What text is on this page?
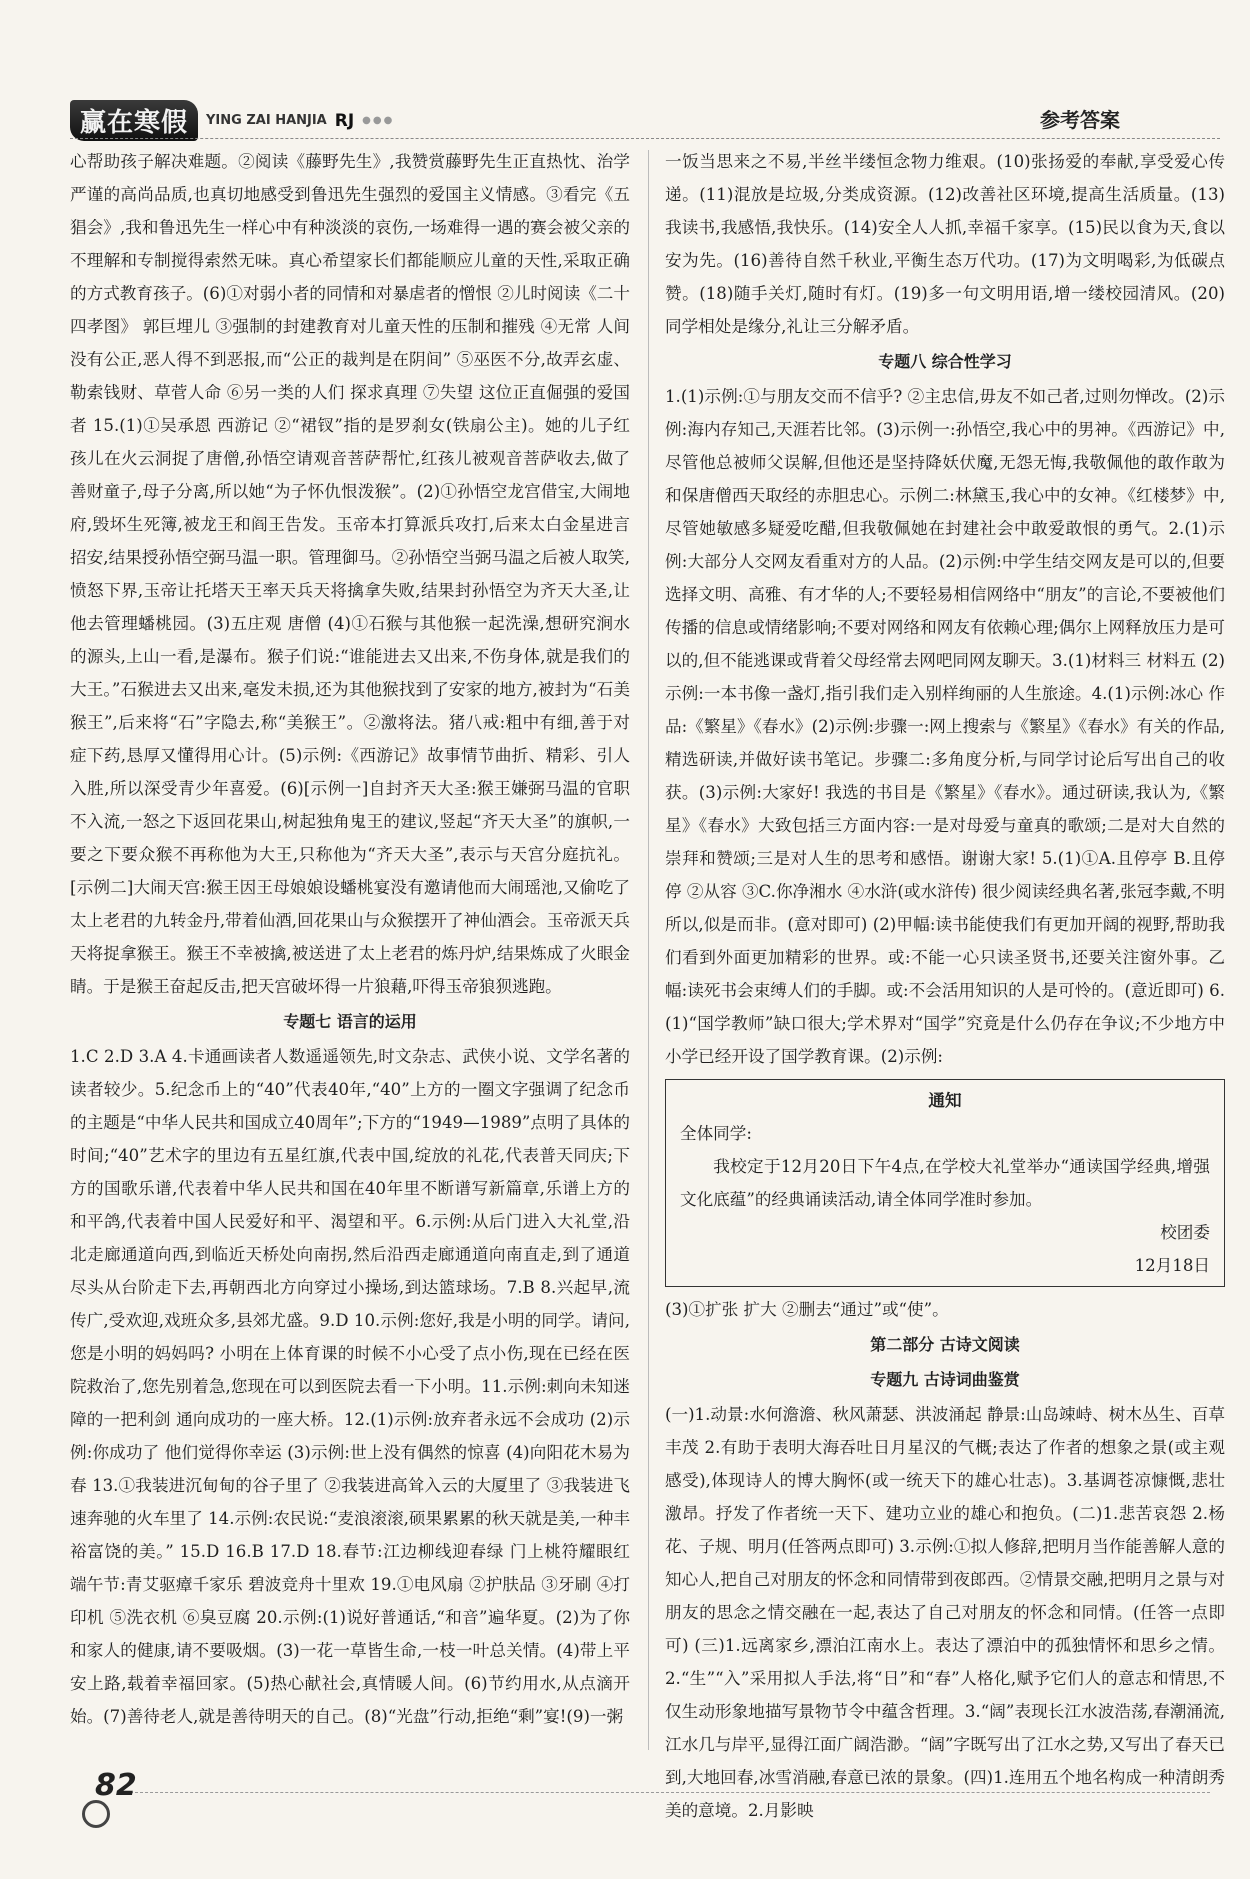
赢在寒假	YING ZAI HANJIA RJ ●●●	参考答案

心帮助孩子解决难题。②阅读《藤野先生》,我赞赏藤野先生正直热忱、治学严谨的高尚品质,也真切地感受到鲁迅先生强烈的爱国主义情感。③看完《五猖会》,我和鲁迅先生一样心中有种淡淡的哀伤,一场难得一遇的赛会被父亲的不理解和专制搅得索然无味。真心希望家长们都能顺应儿童的天性,采取正确的方式教育孩子。(6)①对弱小者的同情和对暴虐者的憎恨 ②儿时阅读《二十四孝图》 郭巨埋儿 ③强制的封建教育对儿童天性的压制和摧残 ④无常 人间没有公正,恶人得不到恶报,而“公正的裁判是在阴间” ⑤巫医不分,故弄玄虚、勒索钱财、草菅人命 ⑥另一类的人们 探求真理 ⑦失望 这位正直倔强的爱国者 15.(1)①吴承恩 西游记 ②“裙钗”指的是罗刹女(铁扇公主)。她的儿子红孩儿在火云洞捉了唐僧,孙悟空请观音菩萨帮忙,红孩儿被观音菩萨收去,做了善财童子,母子分离,所以她“为子怀仇恨泼猴”。(2)①孙悟空龙宫借宝,大闹地府,毁坏生死簿,被龙王和阎王告发。玉帝本打算派兵攻打,后来太白金星进言招安,结果授孙悟空弼马温一职。管理御马。②孙悟空当弼马温之后被人取笑,愤怒下界,玉帝让托塔天王率天兵天将擒拿失败,结果封孙悟空为齐天大圣,让他去管理蟠桃园。(3)五庄观 唐僧 (4)①石猴与其他猴一起洗澡,想研究涧水的源头,上山一看,是瀑布。猴子们说:“谁能进去又出来,不伤身体,就是我们的大王。”石猴进去又出来,毫发未损,还为其他猴找到了安家的地方,被封为“石美猴王”,后来将“石”字隐去,称“美猴王”。②激将法。猪八戒:粗中有细,善于对症下药,恳厚又懂得用心计。(5)示例:《西游记》故事情节曲折、精彩、引人入胜,所以深受青少年喜爱。(6)[示例一]自封齐天大圣:猴王嫌弼马温的官职不入流,一怒之下返回花果山,树起独角鬼王的建议,竖起“齐天大圣”的旗帜,一要之下要众猴不再称他为大王,只称他为“齐天大圣”,表示与天宫分庭抗礼。[示例二]大闹天宫:猴王因王母娘娘设蟠桃宴没有邀请他而大闹瑶池,又偷吃了太上老君的九转金丹,带着仙酒,回花果山与众猴摆开了神仙酒会。玉帝派天兵天将捉拿猴王。猴王不幸被擒,被送进了太上老君的炼丹炉,结果炼成了火眼金睛。于是猴王奋起反击,把天宫破坏得一片狼藉,吓得玉帝狼狈逃跑。

专题七 语言的运用

1.C 2.D 3.A 4.卡通画读者人数遥遥领先,时文杂志、武侠小说、文学名著的读者较少。5.纪念币上的“40”代表40年,“40”上方的一圈文字强调了纪念币的主题是“中华人民共和国成立40周年”;下方的“1949—1989”点明了具体的时间;“40”艺术字的里边有五星红旗,代表中国,绽放的礼花,代表普天同庆;下方的国歌乐谱,代表着中华人民共和国在40年里不断谱写新篇章,乐谱上方的和平鸽,代表着中国人民爱好和平、渴望和平。6.示例:从后门进入大礼堂,沿北走廊通道向西,到临近天桥处向南拐,然后沿西走廊通道向南直走,到了通道尽头从台阶走下去,再朝西北方向穿过小操场,到达篮球场。7.B 8.兴起早,流传广,受欢迎,戏班众多,县郊尤盛。9.D 10.示例:您好,我是小明的同学。请问,您是小明的妈妈吗? 小明在上体育课的时候不小心受了点小伤,现在已经在医院救治了,您先别着急,您现在可以到医院去看一下小明。11.示例:刺向未知迷障的一把利剑 通向成功的一座大桥。12.(1)示例:放弃者永远不会成功 (2)示例:你成功了 他们觉得你幸运 (3)示例:世上没有偶然的惊喜 (4)向阳花木易为春 13.①我装进沉甸甸的谷子里了 ②我装进高耸入云的大厦里了 ③我装进飞速奔驰的火车里了 14.示例:农民说:“麦浪滚滚,硕果累累的秋天就是美,一种丰裕富饶的美。” 15.D 16.B 17.D 18.春节:江边柳线迎春绿 门上桃符耀眼红 端午节:青艾驱瘴千家乐 碧波竞舟十里欢 19.①电风扇 ②护肤品 ③牙刷 ④打印机 ⑤洗衣机 ⑥臭豆腐 20.示例:(1)说好普通话,“和音”遍华夏。(2)为了你和家人的健康,请不要吸烟。(3)一花一草皆生命,一枝一叶总关情。(4)带上平安上路,载着幸福回家。(5)热心献社会,真情暖人间。(6)节约用水,从点滴开始。(7)善待老人,就是善待明天的自己。(8)“光盘”行动,拒绝“剩”宴!(9)一粥

一饭当思来之不易,半丝半缕恒念物力维艰。(10)张扬爱的奉献,享受爱心传递。(11)混放是垃圾,分类成资源。(12)改善社区环境,提高生活质量。(13)我读书,我感悟,我快乐。(14)安全人人抓,幸福千家享。(15)民以食为天,食以安为先。(16)善待自然千秋业,平衡生态万代功。(17)为文明喝彩,为低碳点赞。(18)随手关灯,随时有灯。(19)多一句文明用语,增一缕校园清风。(20)同学相处是缘分,礼让三分解矛盾。

专题八 综合性学习

1.(1)示例:①与朋友交而不信乎? ②主忠信,毋友不如己者,过则勿惮改。(2)示例:海内存知己,天涯若比邻。(3)示例一:孙悟空,我心中的男神。《西游记》中,尽管他总被师父误解,但他还是坚持降妖伏魔,无怨无悔,我敬佩他的敢作敢为和保唐僧西天取经的赤胆忠心。示例二:林黛玉,我心中的女神。《红楼梦》中,尽管她敏感多疑爱吃醋,但我敬佩她在封建社会中敢爱敢恨的勇气。2.(1)示例:大部分人交网友看重对方的人品。(2)示例:中学生结交网友是可以的,但要选择文明、高雅、有才华的人;不要轻易相信网络中“朋友”的言论,不要被他们传播的信息或情绪影响;不要对网络和网友有依赖心理;偶尔上网释放压力是可以的,但不能逃课或背着父母经常去网吧同网友聊天。3.(1)材料三 材料五 (2)示例:一本书像一盏灯,指引我们走入别样绚丽的人生旅途。4.(1)示例:冰心 作品:《繁星》《春水》(2)示例:步骤一:网上搜索与《繁星》《春水》有关的作品,精选研读,并做好读书笔记。步骤二:多角度分析,与同学讨论后写出自己的收获。(3)示例:大家好! 我选的书目是《繁星》《春水》。通过研读,我认为,《繁星》《春水》大致包括三方面内容:一是对母爱与童真的歌颂;二是对大自然的崇拜和赞颂;三是对人生的思考和感悟。谢谢大家! 5.(1)①A.且停亭 B.且停停 ②从容 ③C.你净湘水 ④水浒(或水浒传) 很少阅读经典名著,张冠李戴,不明所以,似是而非。(意对即可) (2)甲幅:读书能使我们有更加开阔的视野,帮助我们看到外面更加精彩的世界。或:不能一心只读圣贤书,还要关注窗外事。乙幅:读死书会束缚人们的手脚。或:不会活用知识的人是可怜的。(意近即可) 6.(1)“国学教师”缺口很大;学术界对“国学”究竟是什么仍存在争议;不少地方中小学已经开设了国学教育课。(2)示例:

通知
全体同学:
我校定于12月20日下午4点,在学校大礼堂举办“通读国学经典,增强文化底蕴”的经典诵读活动,请全体同学准时参加。
校团委
12月18日

(3)①扩张 扩大 ②删去“通过”或“使”。

第二部分 古诗文阅读
专题九 古诗词曲鉴赏

(一)1.动景:水何澹澹、秋风萧瑟、洪波涌起 静景:山岛竦峙、树木丛生、百草丰茂 2.有助于表明大海吞吐日月星汉的气概;表达了作者的想象之景(或主观感受),体现诗人的博大胸怀(或一统天下的雄心壮志)。3.基调苍凉慷慨,悲壮激昂。抒发了作者统一天下、建功立业的雄心和抱负。(二)1.悲苦哀怨 2.杨花、子规、明月(任答两点即可) 3.示例:①拟人修辞,把明月当作能善解人意的知心人,把自己对朋友的怀念和同情带到夜郎西。②情景交融,把明月之景与对朋友的思念之情交融在一起,表达了自己对朋友的怀念和同情。(任答一点即可) (三)1.远离家乡,漂泊江南水上。表达了漂泊中的孤独情怀和思乡之情。2.“生”“入”采用拟人手法,将“日”和“春”人格化,赋予它们人的意志和情思,不仅生动形象地描写景物节令中蕴含哲理。3.“阔”表现长江水波浩荡,春潮涌流,江水几与岸平,显得江面广阔浩渺。“阔”字既写出了江水之势,又写出了春天已到,大地回春,冰雪消融,春意已浓的景象。(四)1.连用五个地名构成一种清朗秀美的意境。2.月影映

82
